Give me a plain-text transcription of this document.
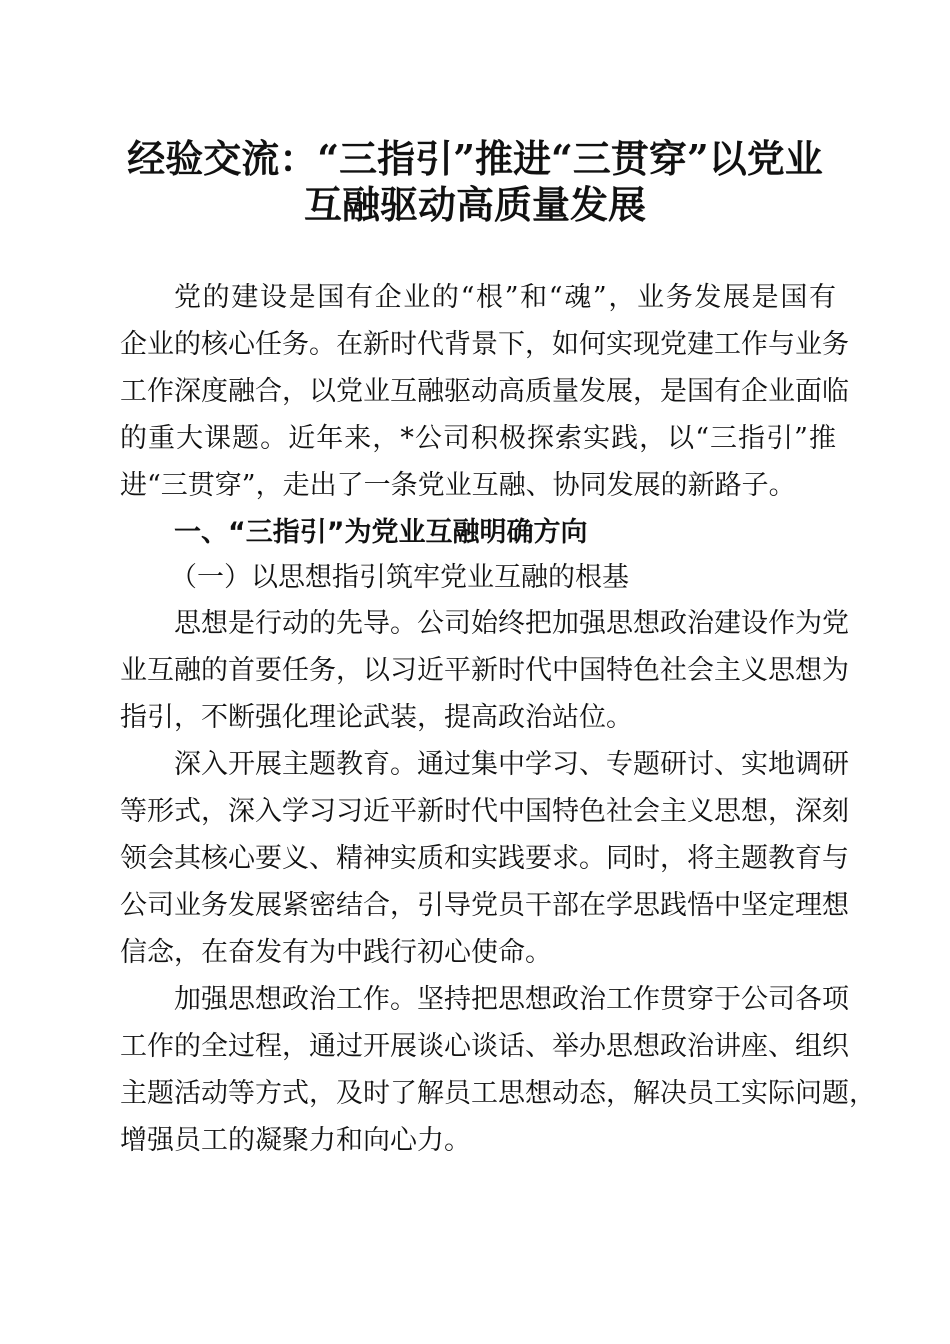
经验交流：“三指引”推进“三贯穿”以党业
互融驱动高质量发展
党的建设是国有企业的“根”和“魂”，业务发展是国有
企业的核心任务。在新时代背景下，如何实现党建工作与业务
工作深度融合，以党业互融驱动高质量发展，是国有企业面临
的重大课题。近年来，*公司积极探索实践，以“三指引”推
进“三贯穿”，走出了一条党业互融、协同发展的新路子。
一、“三指引”为党业互融明确方向
（一）以思想指引筑牢党业互融的根基
思想是行动的先导。公司始终把加强思想政治建设作为党
业互融的首要任务，以习近平新时代中国特色社会主义思想为
指引，不断强化理论武装，提高政治站位。
深入开展主题教育。通过集中学习、专题研讨、实地调研
等形式，深入学习习近平新时代中国特色社会主义思想，深刻
领会其核心要义、精神实质和实践要求。同时，将主题教育与
公司业务发展紧密结合，引导党员干部在学思践悟中坚定理想
信念，在奋发有为中践行初心使命。
加强思想政治工作。坚持把思想政治工作贯穿于公司各项
工作的全过程，通过开展谈心谈话、举办思想政治讲座、组织
主题活动等方式，及时了解员工思想动态，解决员工实际问题，
增强员工的凝聚力和向心力。
